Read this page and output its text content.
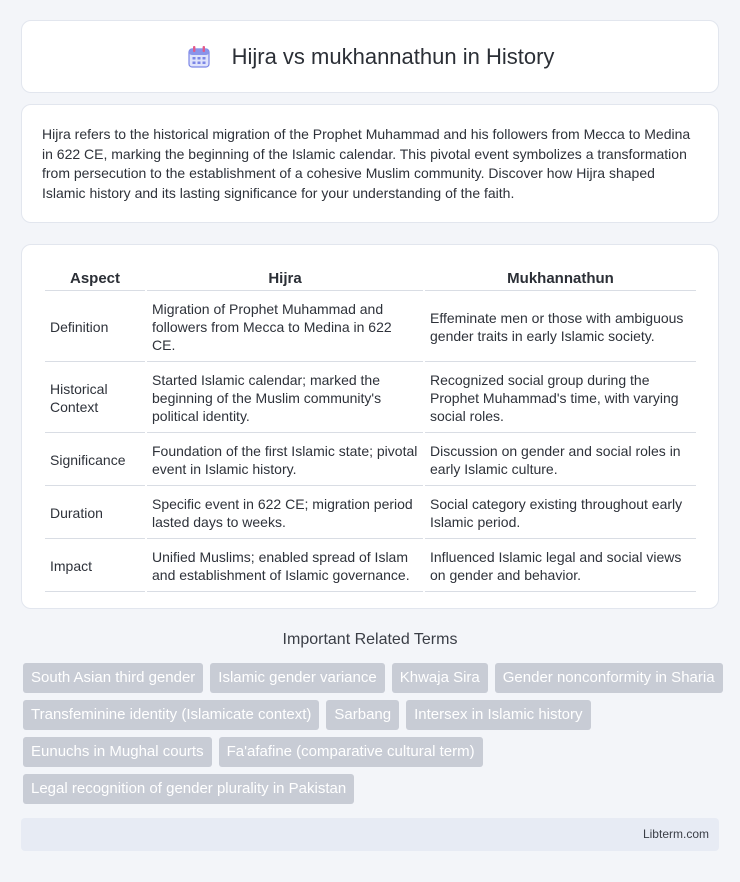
Hijra vs mukhannathun in History

Hijra refers to the historical migration of the Prophet Muhammad and his followers from Mecca to Medina in 622 CE, marking the beginning of the Islamic calendar. This pivotal event symbolizes a transformation from persecution to the establishment of a cohesive Muslim community. Discover how Hijra shaped Islamic history and its lasting significance for your understanding of the faith.

Aspect	Hijra	Mukhannathun
Definition	Migration of Prophet Muhammad and followers from Mecca to Medina in 622 CE.	Effeminate men or those with ambiguous gender traits in early Islamic society.
Historical Context	Started Islamic calendar; marked the beginning of the Muslim community's political identity.	Recognized social group during the Prophet Muhammad's time, with varying social roles.
Significance	Foundation of the first Islamic state; pivotal event in Islamic history.	Discussion on gender and social roles in early Islamic culture.
Duration	Specific event in 622 CE; migration period lasted days to weeks.	Social category existing throughout early Islamic period.
Impact	Unified Muslims; enabled spread of Islam and establishment of Islamic governance.	Influenced Islamic legal and social views on gender and behavior.
Important Related Terms
South Asian third gender	Islamic gender variance	Khwaja Sira	Gender nonconformity in Sharia
Transfeminine identity (Islamicate context)	Sarbang	Intersex in Islamic history
Eunuchs in Mughal courts	Fa'afafine (comparative cultural term)
Legal recognition of gender plurality in Pakistan
Libterm.com
